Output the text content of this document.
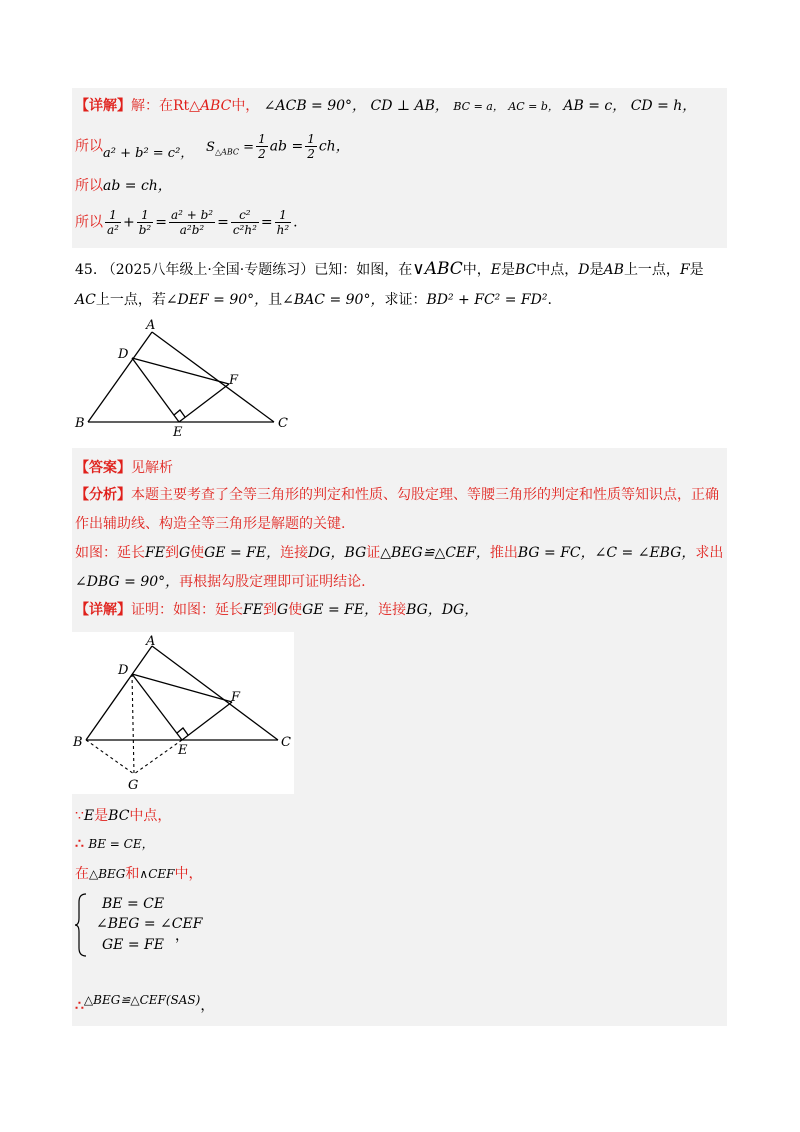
【详解】解：在Rt△ABC中， ∠ACB = 90°， CD ⊥ AB， BC = a， AC = b， AB = c， CD = h，
所以a² + b² = c²， $S_{\triangle ABC} = \frac{1}{2}$ ab = $\frac{1}{2}$ ch，
所以ab = ch，
所以 $\frac{1}{\text{a²}} + \frac{1}{\text{b²}} = \frac{\text{a² + b²}}{\text{a²b²}} = \frac{\text{c²}}{\text{c²h²}} = \frac{1}{\text{h²}}$ .
45. （2025八年级上·全国·专题练习）已知：如图，在∨ABC中，E是BC中点，D是AB上一点，F是
AC上一点，若∠DEF = 90°，且∠BAC = 90°，求证：BD² + FC² = FD².
A
B	C
D
E
F
【答案】见解析
【分析】本题主要考查了全等三角形的判定和性质、勾股定理、等腰三角形的判定和性质等知识点，正确
作出辅助线、构造全等三角形是解题的关键.
如图：延长FE到G使GE = FE，连接DG，BG证△BEG≌△CEF，推出BG = FC，∠C = ∠EBG，求出
∠DBG = 90°，再根据勾股定理即可证明结论.
【详解】证明：如图：延长FE到G使GE = FE，连接BG，DG，
A
B	C
D
E
F
G
∵E是BC中点，
∴ BE = CE，
在△BEG和∧CEF中，
BE = CE
∠BEG = ∠CEF
GE = FE
，
∴△BEG≌△CEF(SAS)，
